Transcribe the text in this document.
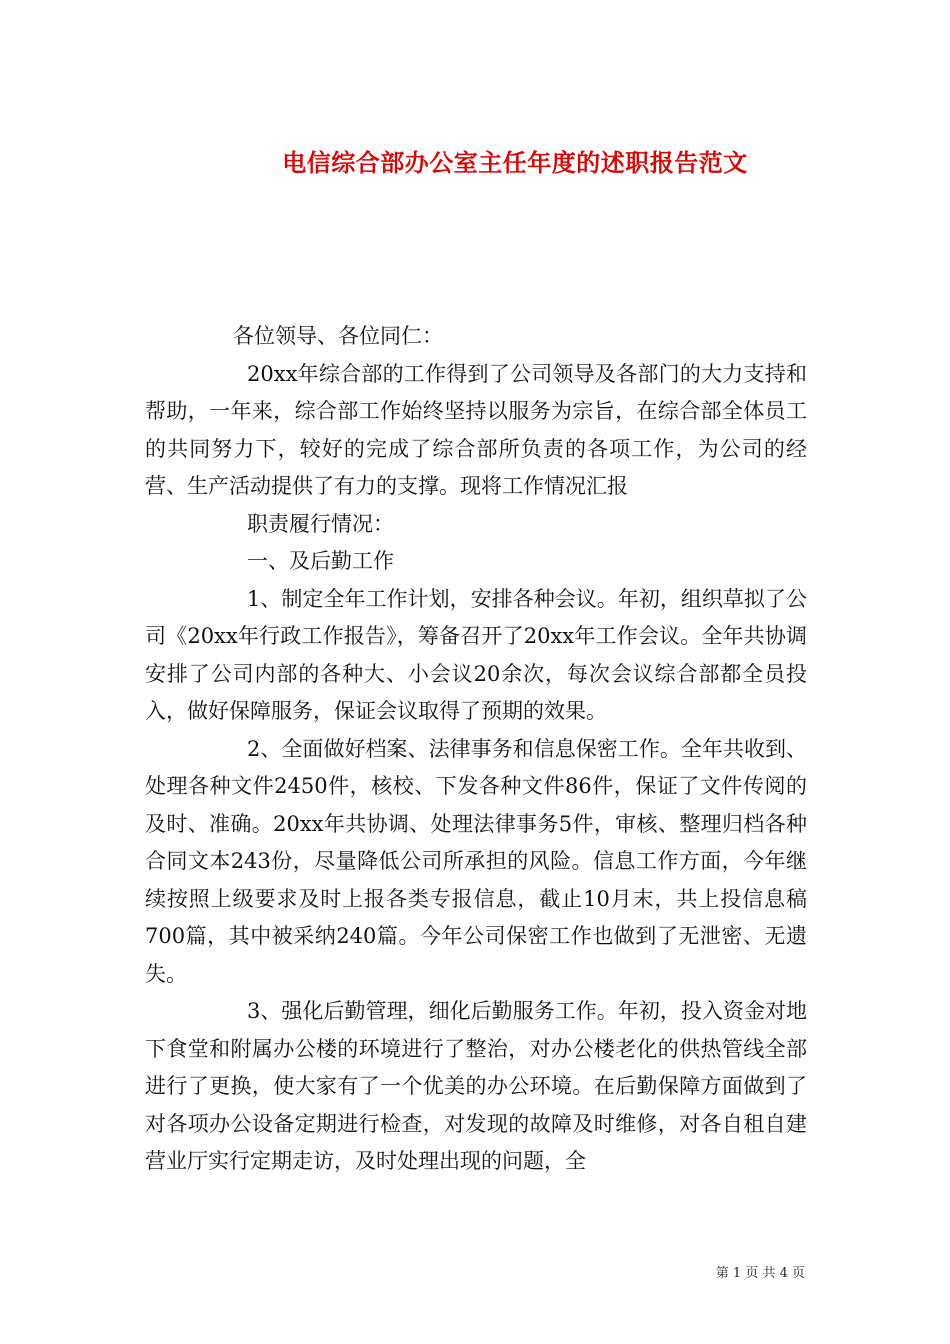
电信综合部办公室主任年度的述职报告范文

各位领导、各位同仁：

20xx年综合部的工作得到了公司领导及各部门的大力支持和帮助，一年来，综合部工作始终坚持以服务为宗旨，在综合部全体员工的共同努力下，较好的完成了综合部所负责的各项工作，为公司的经营、生产活动提供了有力的支撑。现将工作情况汇报

职责履行情况：

一、及后勤工作

1、制定全年工作计划，安排各种会议。年初，组织草拟了公司《20xx年行政工作报告》，筹备召开了20xx年工作会议。全年共协调安排了公司内部的各种大、小会议20余次，每次会议综合部都全员投入，做好保障服务，保证会议取得了预期的效果。

2、全面做好档案、法律事务和信息保密工作。全年共收到、处理各种文件2450件，核校、下发各种文件86件，保证了文件传阅的及时、准确。20xx年共协调、处理法律事务5件，审核、整理归档各种合同文本243份，尽量降低公司所承担的风险。信息工作方面，今年继续按照上级要求及时上报各类专报信息，截止10月末，共上投信息稿700篇，其中被采纳240篇。今年公司保密工作也做到了无泄密、无遗失。

3、强化后勤管理，细化后勤服务工作。年初，投入资金对地下食堂和附属办公楼的环境进行了整治，对办公楼老化的供热管线全部进行了更换，使大家有了一个优美的办公环境。在后勤保障方面做到了对各项办公设备定期进行检查，对发现的故障及时维修，对各自租自建营业厅实行定期走访，及时处理出现的问题，全

第 1 页 共 4 页
